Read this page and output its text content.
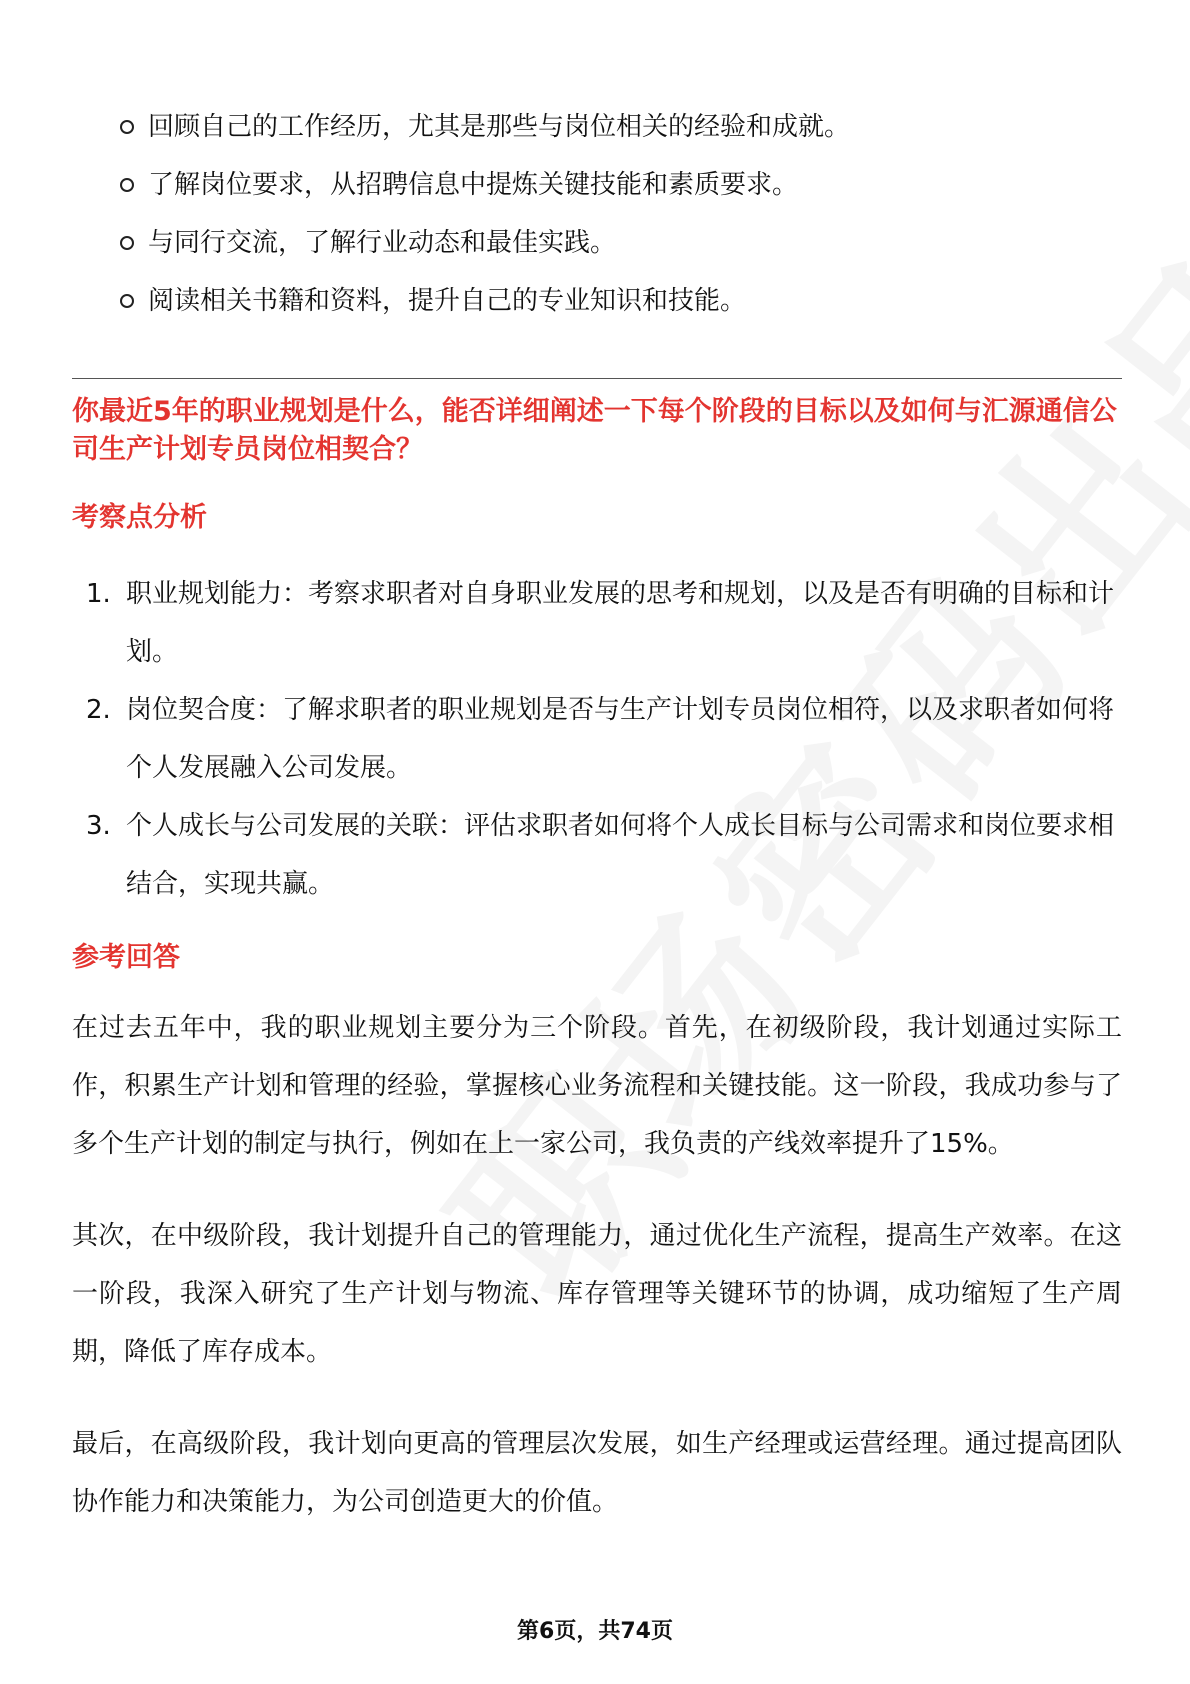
回顾自己的工作经历，尤其是那些与岗位相关的经验和成就。
了解岗位要求，从招聘信息中提炼关键技能和素质要求。
与同行交流，了解行业动态和最佳实践。
阅读相关书籍和资料，提升自己的专业知识和技能。
你最近5年的职业规划是什么，能否详细阐述一下每个阶段的目标以及如何与汇源通信公司生产计划专员岗位相契合？
考察点分析
1. 职业规划能力：考察求职者对自身职业发展的思考和规划，以及是否有明确的目标和计划。
2. 岗位契合度：了解求职者的职业规划是否与生产计划专员岗位相符，以及求职者如何将个人发展融入公司发展。
3. 个人成长与公司发展的关联：评估求职者如何将个人成长目标与公司需求和岗位要求相结合，实现共赢。
参考回答

在过去五年中，我的职业规划主要分为三个阶段。首先，在初级阶段，我计划通过实际工作，积累生产计划和管理的经验，掌握核心业务流程和关键技能。这一阶段，我成功参与了多个生产计划的制定与执行，例如在上一家公司，我负责的产线效率提升了15%。

其次，在中级阶段，我计划提升自己的管理能力，通过优化生产流程，提高生产效率。在这一阶段，我深入研究了生产计划与物流、库存管理等关键环节的协调，成功缩短了生产周期，降低了库存成本。

最后，在高级阶段，我计划向更高的管理层次发展，如生产经理或运营经理。通过提高团队协作能力和决策能力，为公司创造更大的价值。

第6页，共74页
